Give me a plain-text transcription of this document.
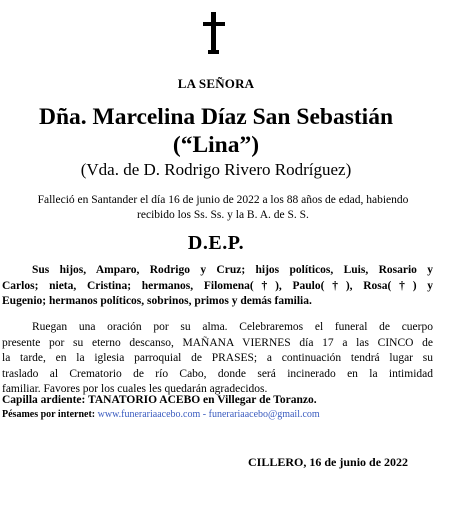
LA SEÑORA
Dña. Marcelina Díaz San Sebastián
(“Lina”)
(Vda. de D. Rodrigo Rivero Rodríguez)
Falleció en Santander el día 16 de junio de 2022 a los 88 años de edad, habiendo
recibido los Ss. Ss. y la B. A. de S. S.
D.E.P.
Sus hijos, Amparo, Rodrigo y Cruz; hijos políticos, Luis, Rosario y
Carlos; nieta, Cristina; hermanos, Filomena(†), Paulo(†), Rosa(†) y
Eugenio; hermanos políticos, sobrinos, primos y demás familia.
Ruegan una oración por su alma. Celebraremos el funeral de cuerpo
presente por su eterno descanso, MAÑANA VIERNES día 17 a las CINCO de
la tarde, en la iglesia parroquial de PRASES; a continuación tendrá lugar su
traslado al Crematorio de río Cabo, donde será incinerado en la intimidad
familiar. Favores por los cuales les quedarán agradecidos.
Capilla ardiente: TANATORIO ACEBO en Villegar de Toranzo.
Pésames por internet: www.funerariaacebo.com - funerariaacebo@gmail.com
CILLERO, 16 de junio de 2022
